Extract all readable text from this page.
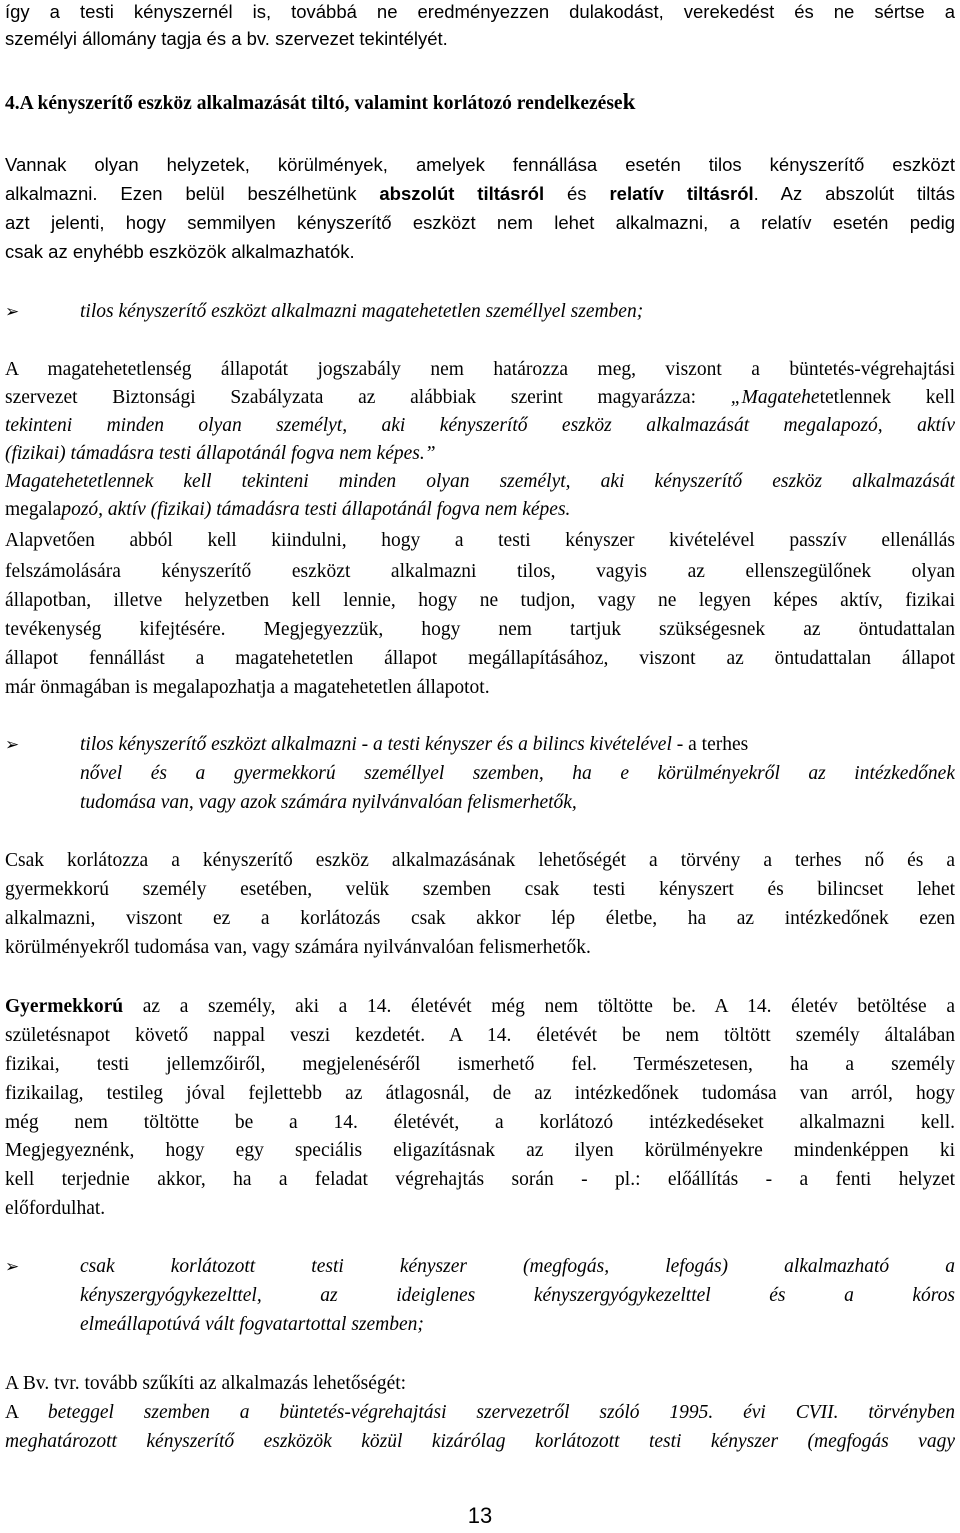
így a testi kényszernél is, továbbá ne eredményezzen dulakodást, verekedést és ne sértse a
személyi állomány tagja és a bv. szervezet tekintélyét.
4.A kényszerítő eszköz alkalmazását tiltó, valamint korlátozó rendelkezések
Vannak olyan helyzetek, körülmények, amelyek fennállása esetén tilos kényszerítő eszközt
alkalmazni. Ezen belül beszélhetünk abszolút tiltásról és relatív tiltásról. Az abszolút tiltás
azt jelenti, hogy semmilyen kényszerítő eszközt nem lehet alkalmazni, a relatív esetén pedig
csak az enyhébb eszközök alkalmazhatók.
➢	tilos kényszerítő eszközt alkalmazni magatehetetlen személlyel szemben;
A magatehetetlenség állapotát jogszabály nem határozza meg, viszont a büntetés-végrehajtási
szervezet Biztonsági Szabályzata az alábbiak szerint magyarázza: „Magatehetetlennek kell
tekinteni minden olyan személyt, aki kényszerítő eszköz alkalmazását megalapozó, aktív
(fizikai) támadásra testi állapotánál fogva nem képes.”
Magatehetetlennek kell tekinteni minden olyan személyt, aki kényszerítő eszköz alkalmazását
megalapozó, aktív (fizikai) támadásra testi állapotánál fogva nem képes.
Alapvetően abból kell kiindulni, hogy a testi kényszer kivételével passzív ellenállás
felszámolására kényszerítő eszközt alkalmazni tilos, vagyis az ellenszegülőnek olyan
állapotban, illetve helyzetben kell lennie, hogy ne tudjon, vagy ne legyen képes aktív, fizikai
tevékenység kifejtésére. Megjegyezzük, hogy nem tartjuk szükségesnek az öntudattalan
állapot fennállást a magatehetetlen állapot megállapításához, viszont az öntudattalan állapot
már önmagában is megalapozhatja a magatehetetlen állapotot.
➢	tilos kényszerítő eszközt alkalmazni - a testi kényszer és a bilincs kivételével - a terhes
nővel és a gyermekkorú személlyel szemben, ha e körülményekről az intézkedőnek
tudomása van, vagy azok számára nyilvánvalóan felismerhetők,
Csak korlátozza a kényszerítő eszköz alkalmazásának lehetőségét a törvény a terhes nő és a
gyermekkorú személy esetében, velük szemben csak testi kényszert és bilincset lehet
alkalmazni, viszont ez a korlátozás csak akkor lép életbe, ha az intézkedőnek ezen
körülményekről tudomása van, vagy számára nyilvánvalóan felismerhetők.
Gyermekkorú az a személy, aki a 14. életévét még nem töltötte be. A 14. életév betöltése a
születésnapot követő nappal veszi kezdetét. A 14. életévét be nem töltött személy általában
fizikai, testi jellemzőiről, megjelenéséről ismerhető fel. Természetesen, ha a személy
fizikailag, testileg jóval fejlettebb az átlagosnál, de az intézkedőnek tudomása van arról, hogy
még nem töltötte be a 14. életévét, a korlátozó intézkedéseket alkalmazni kell.
Megjegyeznénk, hogy egy speciális eligazításnak az ilyen körülményekre mindenképpen ki
kell terjednie akkor, ha a feladat végrehajtás során - pl.: előállítás - a fenti helyzet
előfordulhat.
➢	csak korlátozott testi kényszer (megfogás, lefogás) alkalmazható a
kényszergyógykezelttel, az ideiglenes kényszergyógykezelttel és a kóros
elmeállapotúvá vált fogvatartottal szemben;
A Bv. tvr. tovább szűkíti az alkalmazás lehetőségét:
A beteggel szemben a büntetés-végrehajtási szervezetről szóló 1995. évi CVII. törvényben
meghatározott kényszerítő eszközök közül kizárólag korlátozott testi kényszer (megfogás vagy
13
